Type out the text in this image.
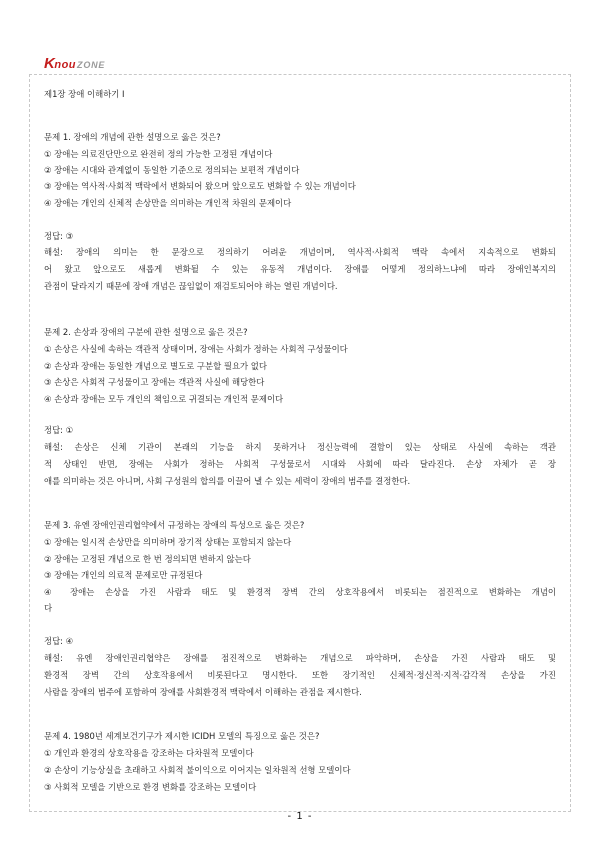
K nou ZONE
제1장 장애 이해하기 Ⅰ
문제 1. 장애의 개념에 관한 설명으로 옳은 것은?
① 장애는 의료진단만으로 완전히 정의 가능한 고정된 개념이다
② 장애는 시대와 관계없이 동일한 기준으로 정의되는 보편적 개념이다
③ 장애는 역사적·사회적 맥락에서 변화되어 왔으며 앞으로도 변화할 수 있는 개념이다
④ 장애는 개인의 신체적 손상만을 의미하는 개인적 차원의 문제이다
정답: ③
해설: 장애의 의미는 한 문장으로 정의하기 어려운 개념이며, 역사적·사회적 맥락 속에서 지속적으로 변화되
어 왔고 앞으로도 새롭게 변화될 수 있는 유동적 개념이다. 장애를 어떻게 정의하느냐에 따라 장애인복지의
관점이 달라지기 때문에 장애 개념은 끊임없이 재검토되어야 하는 열린 개념이다.
문제 2. 손상과 장애의 구분에 관한 설명으로 옳은 것은?
① 손상은 사실에 속하는 객관적 상태이며, 장애는 사회가 정하는 사회적 구성물이다
② 손상과 장애는 동일한 개념으로 별도로 구분할 필요가 없다
③ 손상은 사회적 구성물이고 장애는 객관적 사실에 해당한다
④ 손상과 장애는 모두 개인의 책임으로 귀결되는 개인적 문제이다
정답: ①
해설: 손상은 신체 기관이 본래의 기능을 하지 못하거나 정신능력에 결함이 있는 상태로 사실에 속하는 객관
적 상태인 반면, 장애는 사회가 정하는 사회적 구성물로서 시대와 사회에 따라 달라진다. 손상 자체가 곧 장
애를 의미하는 것은 아니며, 사회 구성원의 합의를 이끌어 낼 수 있는 세력이 장애의 범주를 결정한다.
문제 3. 유엔 장애인권리협약에서 규정하는 장애의 특성으로 옳은 것은?
① 장애는 일시적 손상만을 의미하며 장기적 상태는 포함되지 않는다
② 장애는 고정된 개념으로 한 번 정의되면 변하지 않는다
③ 장애는 개인의 의료적 문제로만 규정된다
④ 장애는 손상을 가진 사람과 태도 및 환경적 장벽 간의 상호작용에서 비롯되는 점진적으로 변화하는 개념이
다
정답: ④
해설: 유엔 장애인권리협약은 장애를 점진적으로 변화하는 개념으로 파악하며, 손상을 가진 사람과 태도 및
환경적 장벽 간의 상호작용에서 비롯된다고 명시한다. 또한 장기적인 신체적·정신적·지적·감각적 손상을 가진
사람을 장애의 범주에 포함하여 장애를 사회환경적 맥락에서 이해하는 관점을 제시한다.
문제 4. 1980년 세계보건기구가 제시한 ICIDH 모델의 특징으로 옳은 것은?
① 개인과 환경의 상호작용을 강조하는 다차원적 모델이다
② 손상이 기능상실을 초래하고 사회적 불이익으로 이어지는 일차원적 선형 모델이다
③ 사회적 모델을 기반으로 환경 변화를 강조하는 모델이다
- 1 -
